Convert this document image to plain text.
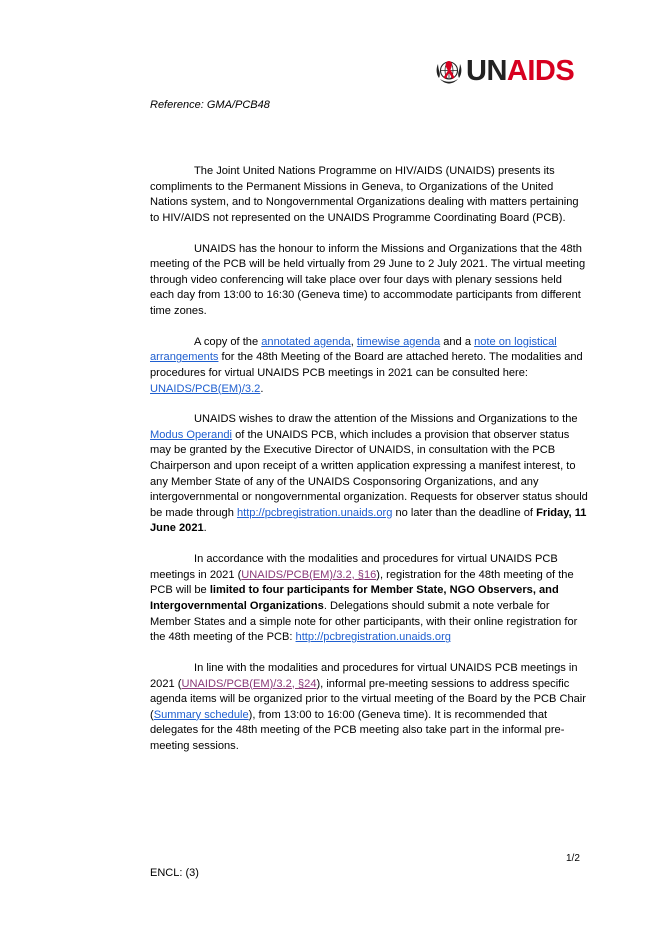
UN AIDS
Reference: GMA/PCB48

The Joint United Nations Programme on HIV/AIDS (UNAIDS) presents its compliments to the Permanent Missions in Geneva, to Organizations of the United Nations system, and to Nongovernmental Organizations dealing with matters pertaining to HIV/AIDS not represented on the UNAIDS Programme Coordinating Board (PCB).

UNAIDS has the honour to inform the Missions and Organizations that the 48th meeting of the PCB will be held virtually from 29 June to 2 July 2021. The virtual meeting through video conferencing will take place over four days with plenary sessions held each day from 13:00 to 16:30 (Geneva time) to accommodate participants from different time zones.

A copy of the annotated agenda, timewise agenda and a note on logistical arrangements for the 48th Meeting of the Board are attached hereto. The modalities and procedures for virtual UNAIDS PCB meetings in 2021 can be consulted here: UNAIDS/PCB(EM)/3.2.

UNAIDS wishes to draw the attention of the Missions and Organizations to the Modus Operandi of the UNAIDS PCB, which includes a provision that observer status may be granted by the Executive Director of UNAIDS, in consultation with the PCB Chairperson and upon receipt of a written application expressing a manifest interest, to any Member State of any of the UNAIDS Cosponsoring Organizations, and any intergovernmental or nongovernmental organization. Requests for observer status should be made through http://pcbregistration.unaids.org no later than the deadline of Friday, 11 June 2021.

In accordance with the modalities and procedures for virtual UNAIDS PCB meetings in 2021 (UNAIDS/PCB(EM)/3.2, §16), registration for the 48th meeting of the PCB will be limited to four participants for Member State, NGO Observers, and Intergovernmental Organizations. Delegations should submit a note verbale for Member States and a simple note for other participants, with their online registration for the 48th meeting of the PCB: http://pcbregistration.unaids.org

In line with the modalities and procedures for virtual UNAIDS PCB meetings in 2021 (UNAIDS/PCB(EM)/3.2, §24), informal pre-meeting sessions to address specific agenda items will be organized prior to the virtual meeting of the Board by the PCB Chair (Summary schedule), from 13:00 to 16:00 (Geneva time). It is recommended that delegates for the 48th meeting of the PCB meeting also take part in the informal pre-meeting sessions.

1/2
ENCL: (3)
